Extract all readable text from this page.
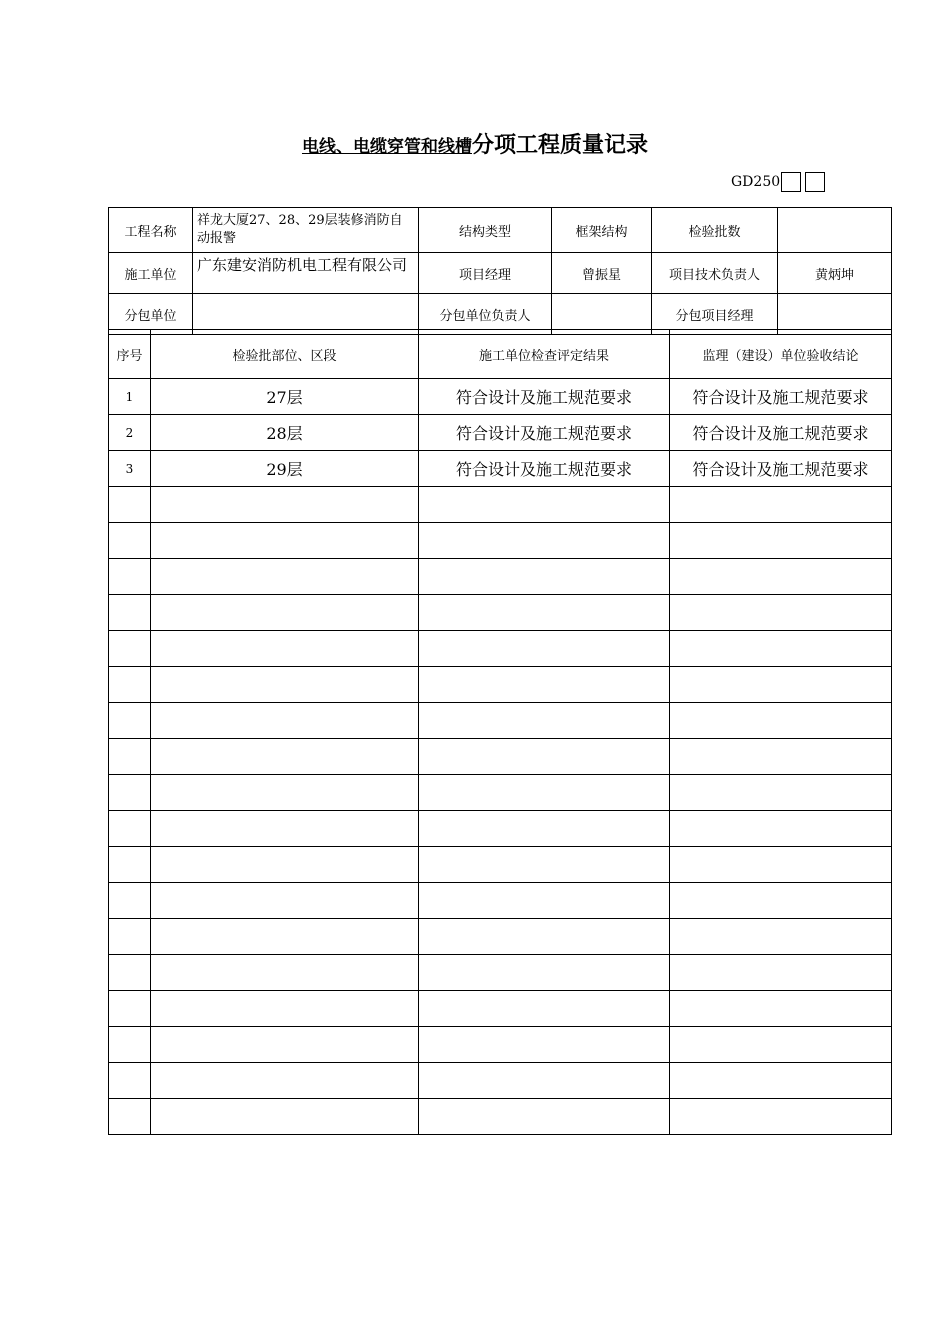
电线、电缆穿管和线槽分项工程质量记录
GD250
工程名称	祥龙大厦27、28、29层装修消防自动报警	结构类型	框架结构	检验批数	
施工单位	广东建安消防机电工程有限公司	项目经理	曾振星	项目技术负责人	黄炳坤
分包单位		分包单位负责人		分包项目经理	
序号	检验批部位、区段	施工单位检查评定结果	监理（建设）单位验收结论
1	27层	符合设计及施工规范要求	符合设计及施工规范要求
2	28层	符合设计及施工规范要求	符合设计及施工规范要求
3	29层	符合设计及施工规范要求	符合设计及施工规范要求
